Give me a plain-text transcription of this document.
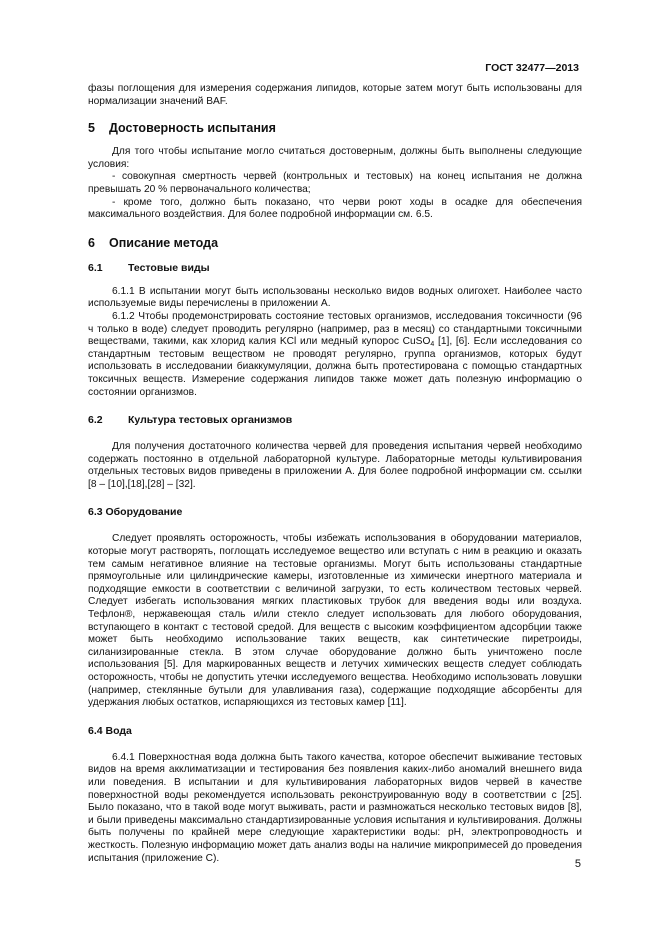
ГОСТ 32477—2013

фазы поглощения для измерения содержания липидов, которые затем могут быть использованы для нормализации значений BAF.

5 Достоверность испытания

Для того чтобы испытание могло считаться достоверным, должны быть выполнены следующие условия:

- совокупная смертность червей (контрольных и тестовых) на конец испытания не должна превышать 20 % первоначального количества;

- кроме того, должно быть показано, что черви роют ходы в осадке для обеспечения максимального воздействия. Для более подробной информации см. 6.5.

6 Описание метода
6.1 Тестовые виды

6.1.1 В испытании могут быть использованы несколько видов водных олигохет. Наиболее часто используемые виды перечислены в приложении А.

6.1.2 Чтобы продемонстрировать состояние тестовых организмов, исследования токсичности (96 ч только в воде) следует проводить регулярно (например, раз в месяц) со стандартными токсичными веществами, такими, как хлорид калия KCl или медный купорос CuSO$_4$ [1], [6]. Если исследования со стандартным тестовым веществом не проводят регулярно, группа организмов, которых будут использовать в исследовании биаккумуляции, должна быть протестирована с помощью стандартных токсичных веществ. Измерение содержания липидов также может дать полезную информацию о состоянии организмов.

6.2 Культура тестовых организмов

Для получения достаточного количества червей для проведения испытания червей необходимо содержать постоянно в отдельной лабораторной культуре. Лабораторные методы культивирования отдельных тестовых видов приведены в приложении А. Для более подробной информации см. ссылки [8 – [10],[18],[28] – [32].

6.3 Оборудование

Следует проявлять осторожность, чтобы избежать использования в оборудовании материалов, которые могут растворять, поглощать исследуемое вещество или вступать с ним в реакцию и оказать тем самым негативное влияние на тестовые организмы. Могут быть использованы стандартные прямоугольные или цилиндрические камеры, изготовленные из химически инертного материала и подходящие емкости в соответствии с величиной загрузки, то есть количеством тестовых червей. Следует избегать использования мягких пластиковых трубок для введения воды или воздуха. Тефлон®, нержавеющая сталь и/или стекло следует использовать для любого оборудования, вступающего в контакт с тестовой средой. Для веществ с высоким коэффициентом адсорбции также может быть необходимо использование таких веществ, как синтетические пиретроиды, силанизированные стекла. В этом случае оборудование должно быть уничтожено после использования [5]. Для маркированных веществ и летучих химических веществ следует соблюдать осторожность, чтобы не допустить утечки исследуемого вещества. Необходимо использовать ловушки (например, стеклянные бутыли для улавливания газа), содержащие подходящие абсорбенты для удержания любых остатков, испаряющихся из тестовых камер [11].

6.4 Вода

6.4.1 Поверхностная вода должна быть такого качества, которое обеспечит выживание тестовых видов на время акклиматизации и тестирования без появления каких-либо аномалий внешнего вида или поведения. В испытании и для культивирования лабораторных видов червей в качестве поверхностной воды рекомендуется использовать реконструированную воду в соответствии с [25]. Было показано, что в такой воде могут выживать, расти и размножаться несколько тестовых видов [8], и были приведены максимально стандартизированные условия испытания и культивирования. Должны быть получены по крайней мере следующие характеристики воды: pH, электропроводность и жесткость. Полезную информацию может дать анализ воды на наличие микропримесей до проведения испытания (приложение C).	5
